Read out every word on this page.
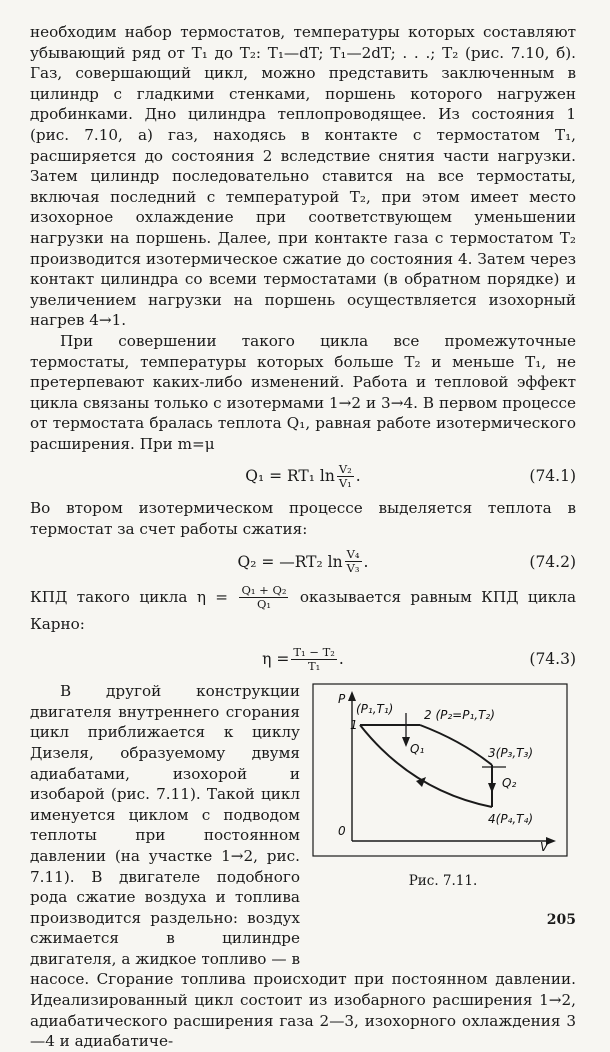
необходим набор термостатов, температуры которых составляют убывающий ряд от T₁ до T₂: T₁—dT; T₁—2dT; . . .; T₂ (рис. 7.10, б). Газ, совершающий цикл, можно представить заключенным в цилиндр с гладкими стенками, поршень которого нагружен дробинками. Дно цилиндра теплопроводящее. Из состояния 1 (рис. 7.10, а) газ, находясь в контакте с термостатом T₁, расширяется до состояния 2 вследствие снятия части нагрузки. Затем цилиндр последовательно ставится на все термостаты, включая последний с температурой T₂, при этом имеет место изохорное охлаждение при соответствующем уменьшении нагрузки на поршень. Далее, при контакте газа с термостатом T₂ производится изотермическое сжатие до состояния 4. Затем через контакт цилиндра со всеми термостатами (в обратном порядке) и увеличением нагрузки на поршень осуществляется изохорный нагрев 4→1.

При совершении такого цикла все промежуточные термостаты, температуры которых больше T₂ и меньше T₁, не претерпевают каких-либо изменений. Работа и тепловой эффект цикла связаны только с изотермами 1→2 и 3→4. В первом процессе от термостата бралась теплота Q₁, равная работе изотермического расширения. При m=μ

Q₁ = RT₁ $\ln \frac{\text{V₂}}{\text{V₁}}$ .	(74.1)

Во втором изотермическом процессе выделяется теплота в термостат за счет работы сжатия:

Q₂ = —RT₂ $\ln \frac{\text{V₄}}{\text{V₃}}$ .	(74.2)

КПД такого цикла $\eta = \frac{\text{Q₁ + Q₂}}{\text{Q₁}}$ оказывается равным КПД цикла Карно:

$\eta = \frac{\text{T₁ − T₂}}{\text{T₁}}$ .	(74.3)

В другой конструкции двигателя внутреннего сгорания цикл приближается к циклу Дизеля, образуемому двумя адиабатами, изохорой и изобарой (рис. 7.11). Такой цикл именуется циклом с подводом теплоты при постоянном давлении (на участке 1→2, рис. 7.11). В двигателе подобного рода сжатие воздуха и топлива производится раздельно: воздух сжимается в цилиндре двигателя, а жидкое топливо — в насосе. Сгорание топлива происходит при постоянном давлении. Идеализированный цикл состоит из изобарного расширения 1→2, адиабатического расширения газа 2—3, изохорного охлаждения 3—4 и адиабатиче-

P
V
0
Q₁
Q₂
(P₁,T₁)
1
2 (P₂=P₁,T₂)
3(P₃,T₃)
4(P₄,T₄)
Рис. 7.11.
205
